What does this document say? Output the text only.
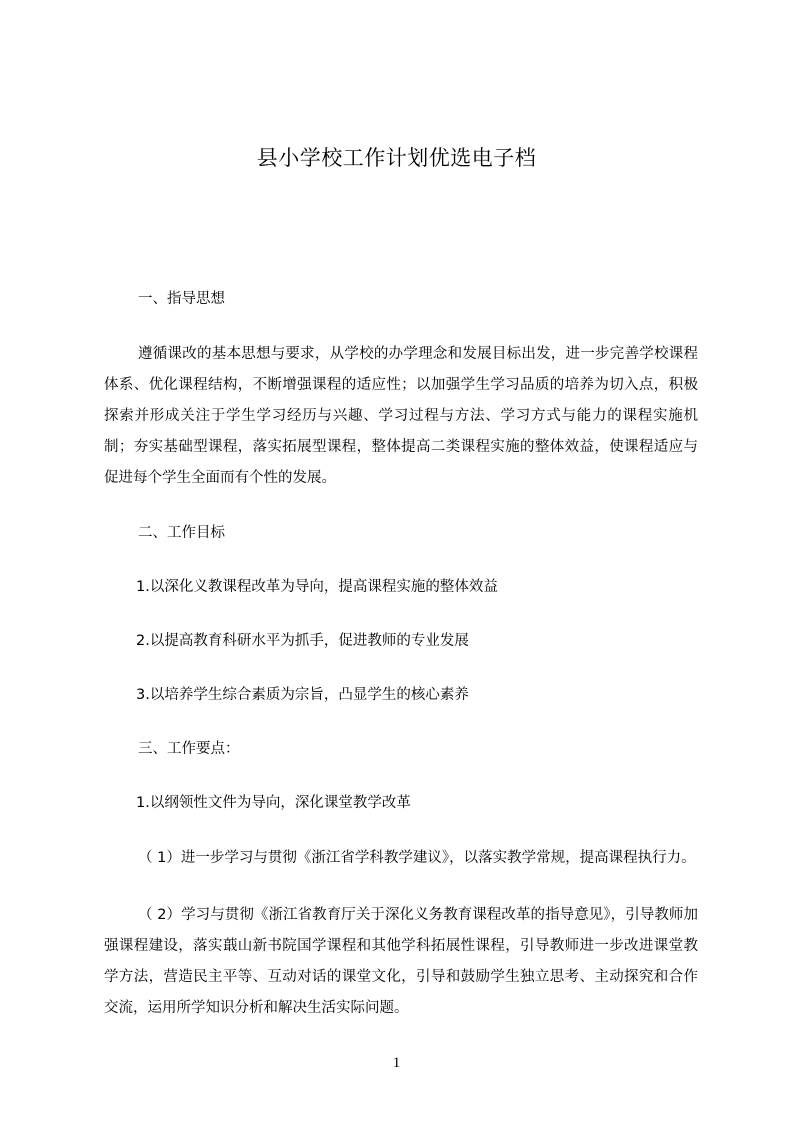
县小学校工作计划优选电子档

一、指导思想

遵循课改的基本思想与要求，从学校的办学理念和发展目标出发，进一步完善学校课程体系、优化课程结构，不断增强课程的适应性；以加强学生学习品质的培养为切入点，积极探索并形成关注于学生学习经历与兴趣、学习过程与方法、学习方式与能力的课程实施机制；夯实基础型课程，落实拓展型课程，整体提高二类课程实施的整体效益，使课程适应与促进每个学生全面而有个性的发展。

二、工作目标

1.以深化义教课程改革为导向，提高课程实施的整体效益

2.以提高教育科研水平为抓手，促进教师的专业发展

3.以培养学生综合素质为宗旨，凸显学生的核心素养

三、工作要点：

1.以纲领性文件为导向，深化课堂教学改革

（ 1）进一步学习与贯彻《浙江省学科教学建议》，以落实教学常规，提高课程执行力。

（ 2）学习与贯彻《浙江省教育厅关于深化义务教育课程改革的指导意见》，引导教师加强课程建设，落实蕺山新书院国学课程和其他学科拓展性课程，引导教师进一步改进课堂教学方法，营造民主平等、互动对话的课堂文化，引导和鼓励学生独立思考、主动探究和合作交流，运用所学知识分析和解决生活实际问题。

1
